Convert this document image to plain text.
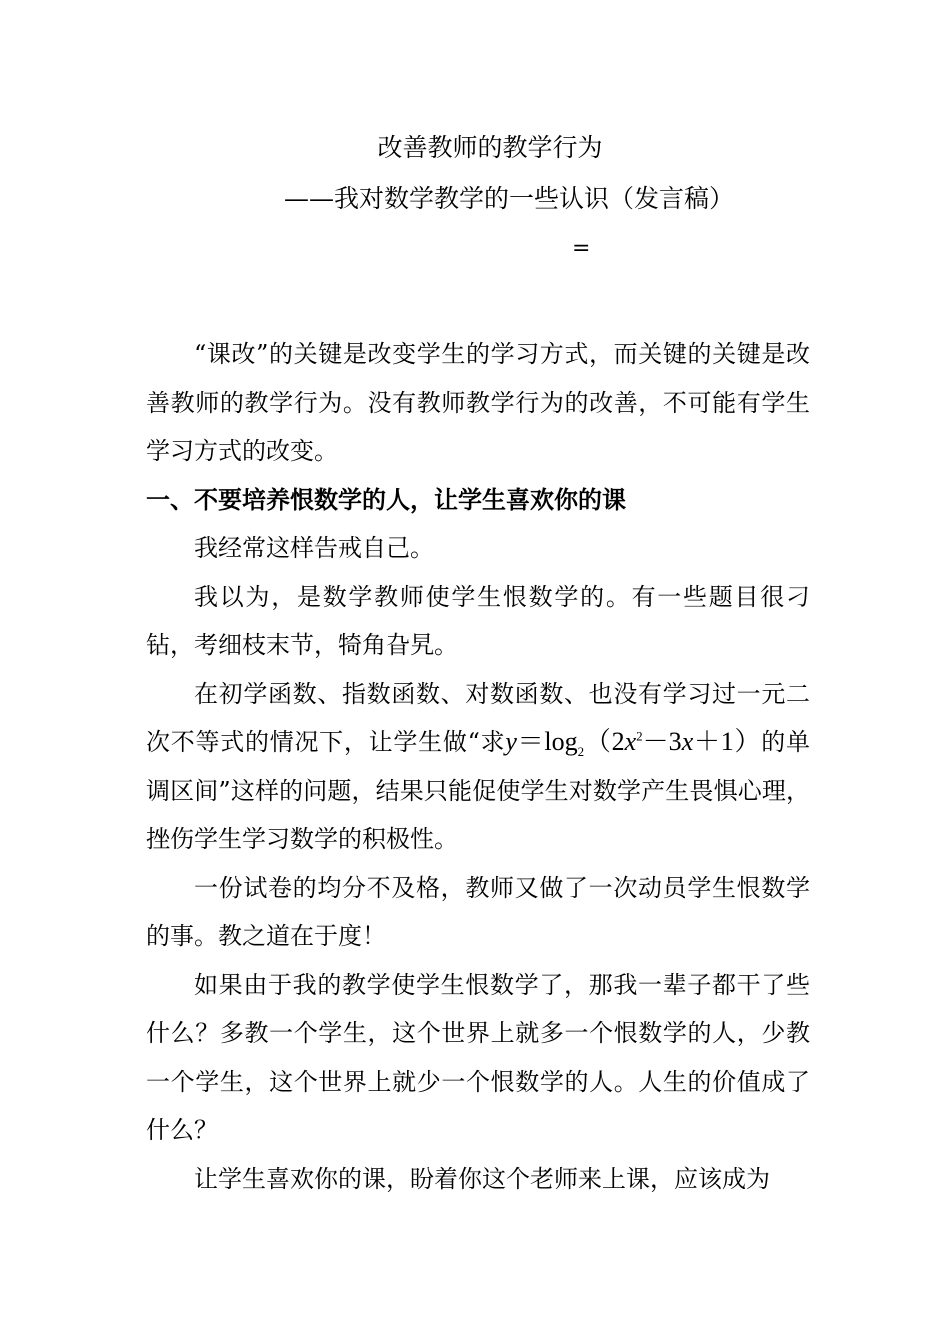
改善教师的教学行为
——我对数学教学的一些认识（发言稿）
=

“课改”的关键是改变学生的学习方式，而关键的关键是改善教师的教学行为。没有教师教学行为的改善，不可能有学生学习方式的改变。

一、不要培养恨数学的人，让学生喜欢你的课

我经常这样告戒自己。

我以为，是数学教师使学生恨数学的。有一些题目很刁钻，考细枝末节，犄角旮旯。

在初学函数、指数函数、对数函数、也没有学习过一元二次不等式的情况下，让学生做“求$y=\log_2(2x^2-3x+1)$的单调区间”这样的问题，结果只能促使学生对数学产生畏惧心理，挫伤学生学习数学的积极性。

一份试卷的均分不及格，教师又做了一次动员学生恨数学的事。教之道在于度！

如果由于我的教学使学生恨数学了，那我一辈子都干了些什么？多教一个学生，这个世界上就多一个恨数学的人，少教一个学生，这个世界上就少一个恨数学的人。人生的价值成了什么？

让学生喜欢你的课，盼着你这个老师来上课，应该成为
